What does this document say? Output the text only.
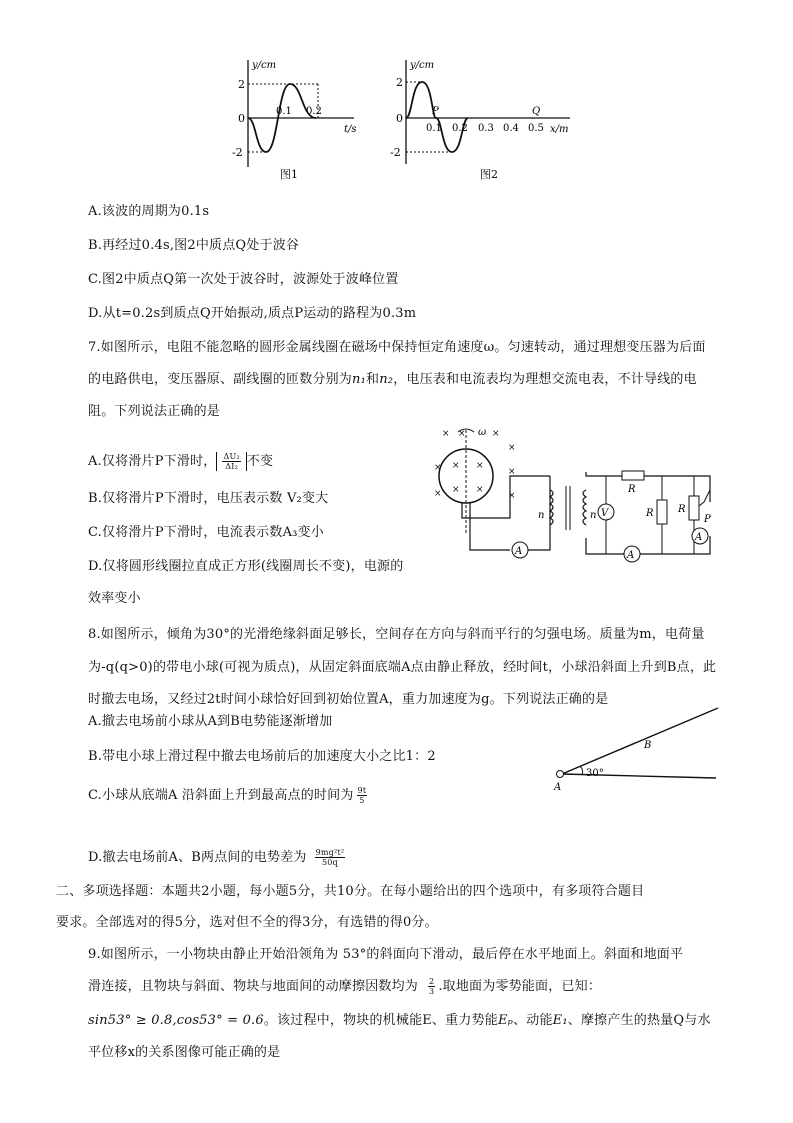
y/cm
t/s
2
0
-2
0.1 0.2
图1
y/cm
x/m
2
0
-2
0.1 0.2 0.3 0.4 0.5
P	Q
图2
A.该波的周期为0.1s
B.再经过0.4s,图2中质点Q处于波谷
C.图2中质点Q第一次处于波谷时，波源处于波峰位置
D.从t=0.2s到质点Q开始振动,质点P运动的路程为0.3m
7.如图所示，电阻不能忽略的圆形金属线圈在磁场中保持恒定角速度ω。匀速转动，通过理想变压器为后面
的电路供电，变压器原、副线圈的匝数分别为n₁和n₂，电压表和电流表均为理想交流电表，不计导线的电
阻。下列说法正确的是
A.仅将滑片P下滑时， $\frac{\text{ΔU₂}}{\text{ΔI₂}}$ 不变
B.仅将滑片P下滑时，电压表示数 V₂变大
C.仅将滑片P下滑时，电流表示数A₃变小
D.仅将圆形线圈拉直成正方形(线圈周长不变)，电源的
效率变小
× ×	×
×
×	×
×	×
× ×
× ×
ω
A
n	n V
R
A
R R
P
A
8.如图所示，倾角为30°的光滑绝缘斜面足够长，空间存在方向与斜而平行的匀强电场。质量为m，电荷量
为-q(q>0)的带电小球(可视为质点)，从固定斜面底端A点由静止释放，经时间t，小球沿斜面上升到B点，此
时撤去电场，又经过2t时间小球恰好回到初始位置A，重力加速度为g。下列说法正确的是
A.撤去电场前小球从A到B电势能逐渐增加
B.带电小球上滑过程中撤去电场前后的加速度大小之比1：2
C.小球从底端A 沿斜面上升到最高点的时间为 $\frac{9t}{5}$
D.撤去电场前A、B两点间的电势差为 $\frac{\text{9mg²t²}}{50q}$
30°
A
B
二、多项选择题：本题共2小题，每小题5分，共10分。在每小题给出的四个选项中，有多项符合题目
要求。全部选对的得5分，选对但不全的得3分，有选错的得0分。
9.如图所示，一小物块由静止开始沿领角为 53°的斜面向下滑动，最后停在水平地面上。斜面和地面平
滑连接，且物块与斜面、物块与地面间的动摩擦因数均为 $\frac{2}{3}$ .取地面为零势能面，已知：
sin53° ≥ 0.8,cos53° = 0.6。该过程中，物块的机械能E、重力势能Eₚ、动能E₁、摩擦产生的热量Q与水
平位移x的关系图像可能正确的是
